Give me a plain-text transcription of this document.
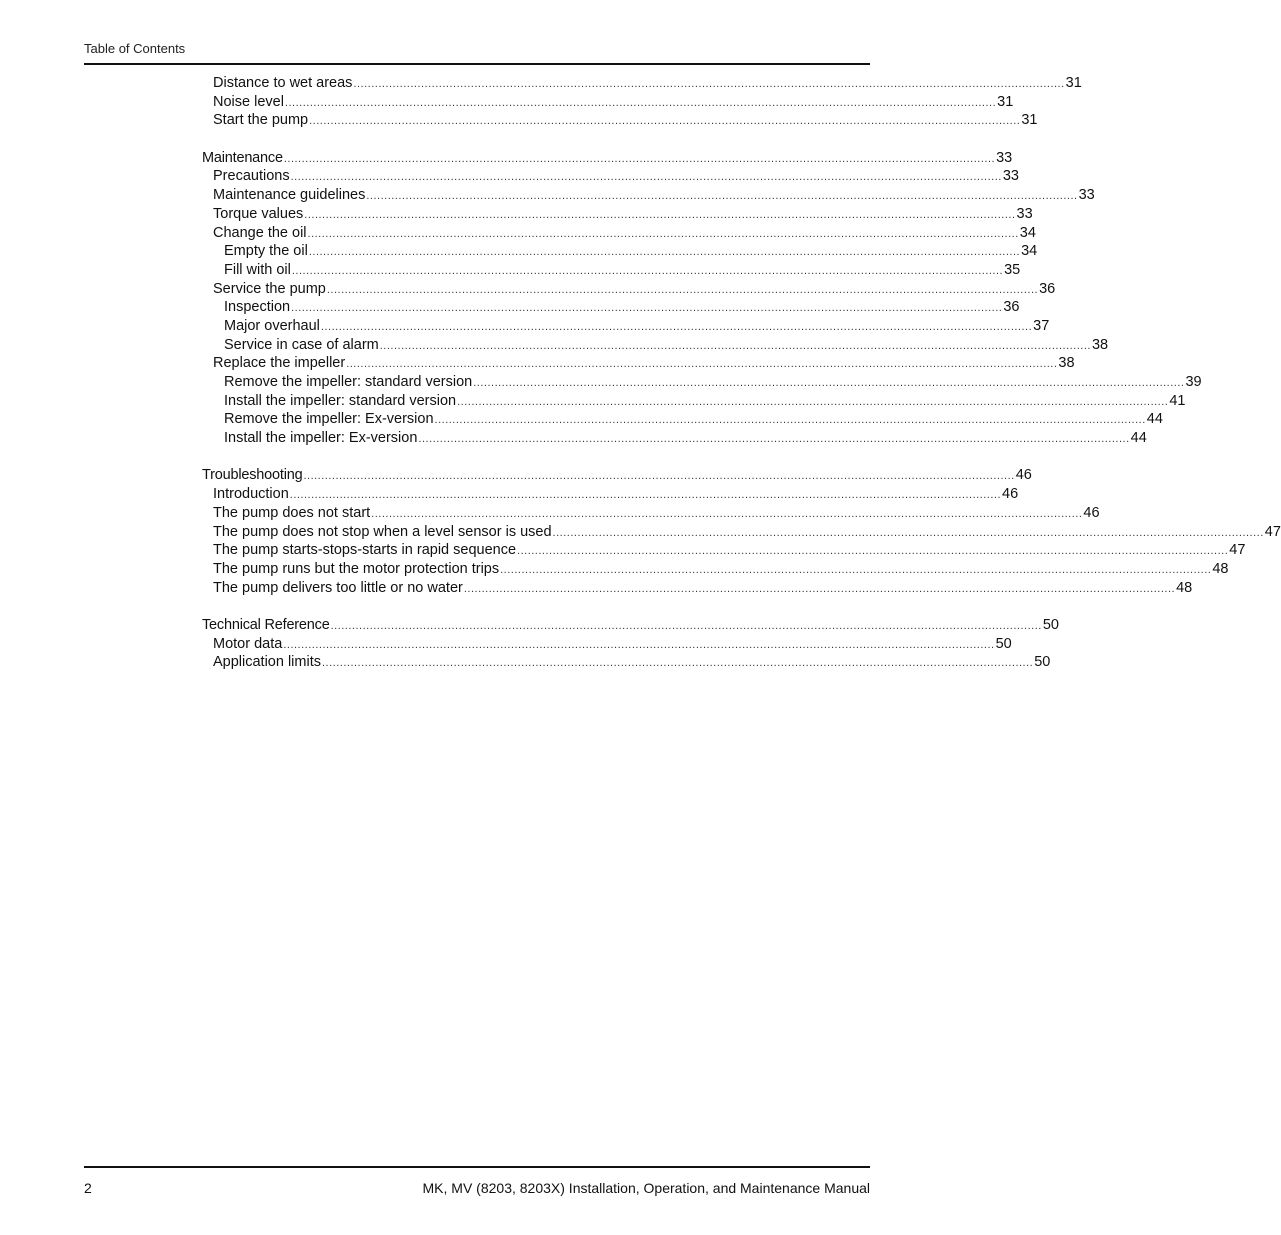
Table of Contents
Distance to wet areas ........................................................................................................................................................................................................ 31
Noise level ........................................................................................................................................................................................................ 31
Start the pump ........................................................................................................................................................................................................ 31
Maintenance ........................................................................................................................................................................................................ 33
Precautions ........................................................................................................................................................................................................ 33
Maintenance guidelines ........................................................................................................................................................................................................ 33
Torque values ........................................................................................................................................................................................................ 33
Change the oil ........................................................................................................................................................................................................ 34
Empty the oil ........................................................................................................................................................................................................ 34
Fill with oil ........................................................................................................................................................................................................ 35
Service the pump ........................................................................................................................................................................................................ 36
Inspection ........................................................................................................................................................................................................ 36
Major overhaul ........................................................................................................................................................................................................ 37
Service in case of alarm ........................................................................................................................................................................................................ 38
Replace the impeller ........................................................................................................................................................................................................ 38
Remove the impeller: standard version ........................................................................................................................................................................................................ 39
Install the impeller: standard version ........................................................................................................................................................................................................ 41
Remove the impeller: Ex-version ........................................................................................................................................................................................................ 44
Install the impeller: Ex-version ........................................................................................................................................................................................................ 44
Troubleshooting ........................................................................................................................................................................................................ 46
Introduction ........................................................................................................................................................................................................ 46
The pump does not start ........................................................................................................................................................................................................ 46
The pump does not stop when a level sensor is used ........................................................................................................................................................................................................ 47
The pump starts-stops-starts in rapid sequence ........................................................................................................................................................................................................ 47
The pump runs but the motor protection trips ........................................................................................................................................................................................................ 48
The pump delivers too little or no water ........................................................................................................................................................................................................ 48
Technical Reference ........................................................................................................................................................................................................ 50
Motor data ........................................................................................................................................................................................................ 50
Application limits ........................................................................................................................................................................................................ 50
2	MK, MV (8203, 8203X) Installation, Operation, and Maintenance Manual
